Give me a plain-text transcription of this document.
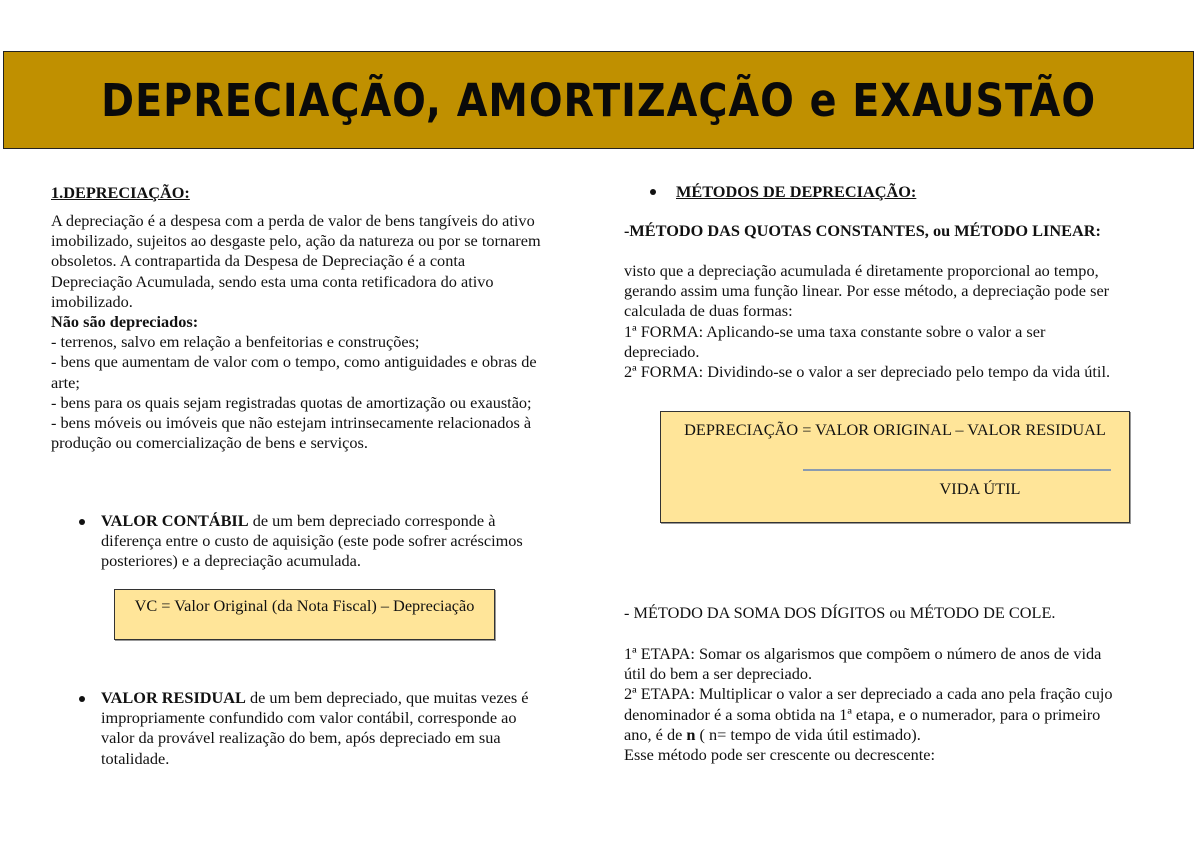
DEPRECIAÇÃO, AMORTIZAÇÃO e EXAUSTÃO
1.DEPRECIAÇÃO:
A depreciação é a despesa com a perda de valor de bens tangíveis do ativo
imobilizado, sujeitos ao desgaste pelo, ação da natureza ou por se tornarem
obsoletos. A contrapartida da Despesa de Depreciação é a conta
Depreciação Acumulada, sendo esta uma conta retificadora do ativo
imobilizado.
Não são depreciados:
- terrenos, salvo em relação a benfeitorias e construções;
- bens que aumentam de valor com o tempo, como antiguidades e obras de
arte;
- bens para os quais sejam registradas quotas de amortização ou exaustão;
- bens móveis ou imóveis que não estejam intrinsecamente relacionados à
produção ou comercialização de bens e serviços.
VALOR CONTÁBIL de um bem depreciado corresponde à
diferença entre o custo de aquisição (este pode sofrer acréscimos
posteriores) e a depreciação acumulada.
VC = Valor Original (da Nota Fiscal) – Depreciação
VALOR RESIDUAL de um bem depreciado, que muitas vezes é
impropriamente confundido com valor contábil, corresponde ao
valor da provável realização do bem, após depreciado em sua
totalidade.
MÉTODOS DE DEPRECIAÇÃO:
-MÉTODO DAS QUOTAS CONSTANTES, ou MÉTODO LINEAR:
visto que a depreciação acumulada é diretamente proporcional ao tempo,
gerando assim uma função linear. Por esse método, a depreciação pode ser
calculada de duas formas:
1ª FORMA: Aplicando-se uma taxa constante sobre o valor a ser
depreciado.
2ª FORMA: Dividindo-se o valor a ser depreciado pelo tempo da vida útil.
DEPRECIAÇÃO = VALOR ORIGINAL – VALOR RESIDUAL
VIDA ÚTIL
- MÉTODO DA SOMA DOS DÍGITOS ou MÉTODO DE COLE.
1ª ETAPA: Somar os algarismos que compõem o número de anos de vida
útil do bem a ser depreciado.
2ª ETAPA: Multiplicar o valor a ser depreciado a cada ano pela fração cujo
denominador é a soma obtida na 1ª etapa, e o numerador, para o primeiro
ano, é de n ( n= tempo de vida útil estimado).
Esse método pode ser crescente ou decrescente:
